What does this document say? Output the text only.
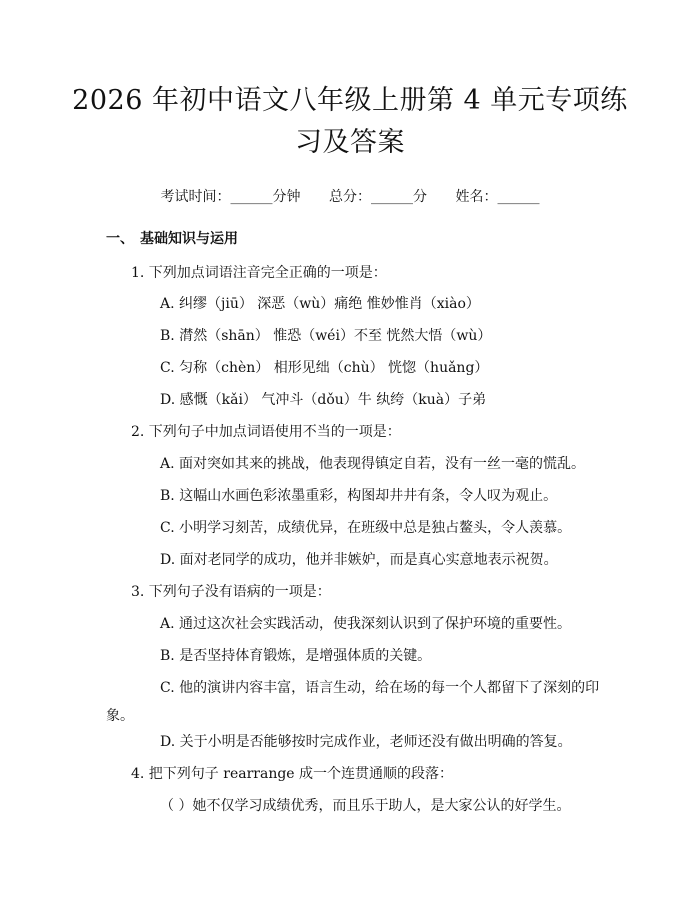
2026 年初中语文八年级上册第 4 单元专项练
习及答案
考试时间：______分钟 总分：______分 姓名：______
一、 基础知识与运用
1. 下列加点词语注音完全正确的一项是：
A. 纠缪（jiū） 深恶（wù）痛绝 惟妙惟肖（xiào）
B. 潸然（shān） 惟恐（wéi）不至 恍然大悟（wù）
C. 匀称（chèn） 相形见绌（chù） 恍惚（huǎng）
D. 感慨（kǎi） 气冲斗（dǒu）牛 纨绔（kuà）子弟
2. 下列句子中加点词语使用不当的一项是：
A. 面对突如其来的挑战，他表现得镇定自若，没有一丝一毫的慌乱。
B. 这幅山水画色彩浓墨重彩，构图却井井有条，令人叹为观止。
C. 小明学习刻苦，成绩优异，在班级中总是独占鳌头，令人羡慕。
D. 面对老同学的成功，他并非嫉妒，而是真心实意地表示祝贺。
3. 下列句子没有语病的一项是：
A. 通过这次社会实践活动，使我深刻认识到了保护环境的重要性。
B. 是否坚持体育锻炼，是增强体质的关键。
C. 他的演讲内容丰富，语言生动，给在场的每一个人都留下了深刻的印
象。
D. 关于小明是否能够按时完成作业，老师还没有做出明确的答复。
4. 把下列句子 rearrange 成一个连贯通顺的段落：
（ ）她不仅学习成绩优秀，而且乐于助人，是大家公认的好学生。
